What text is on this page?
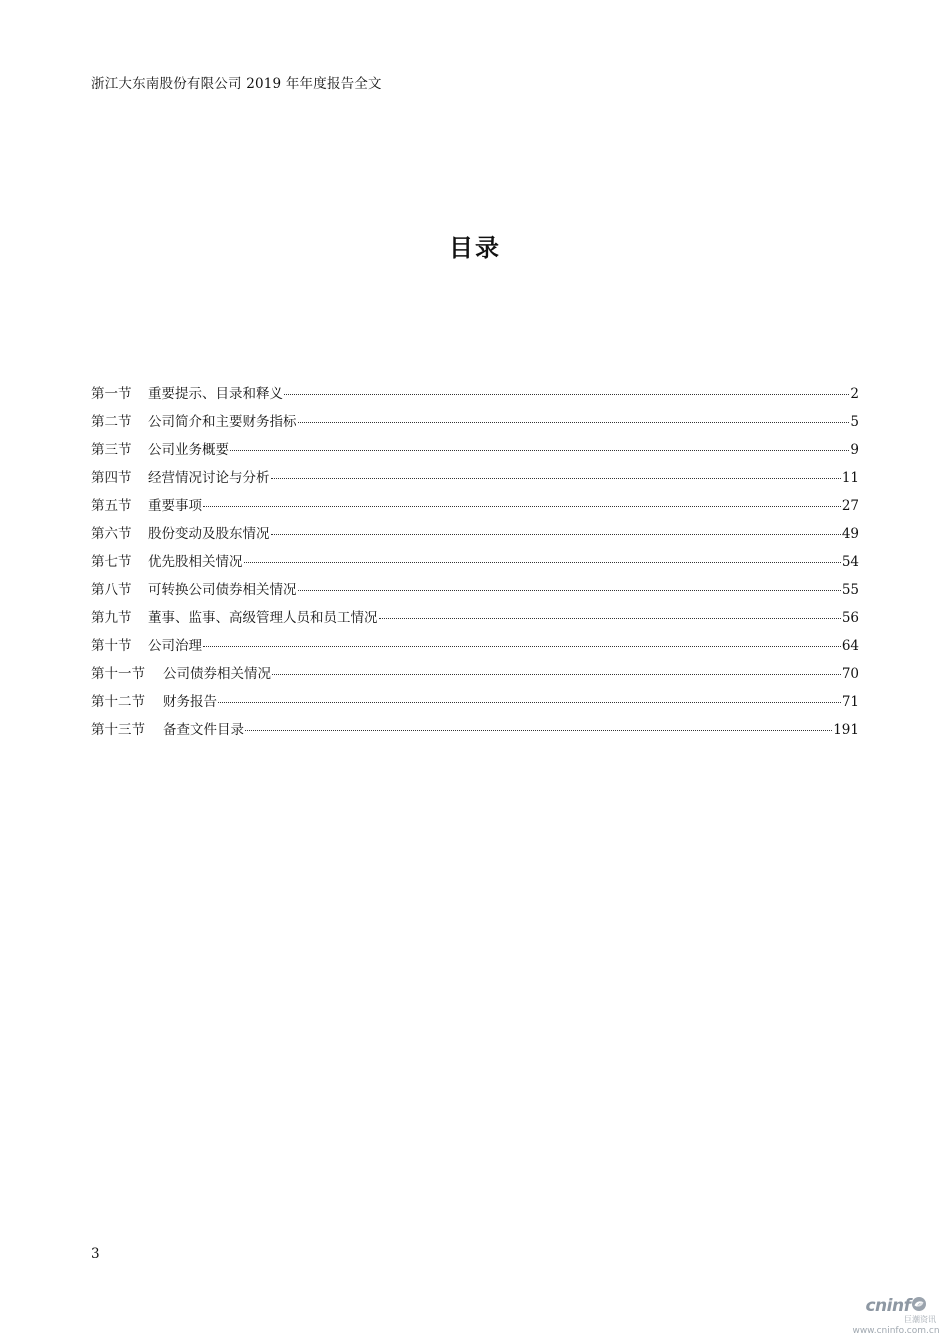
浙江大东南股份有限公司 2019 年年度报告全文
目录
第一节	重要提示、目录和释义	2
第二节	公司简介和主要财务指标	5
第三节	公司业务概要	9
第四节	经营情况讨论与分析	11
第五节	重要事项	27
第六节	股份变动及股东情况	49
第七节	优先股相关情况	54
第八节	可转换公司债券相关情况	55
第九节	董事、监事、高级管理人员和员工情况	56
第十节	公司治理	64
第十一节	公司债券相关情况	70
第十二节	财务报告	71
第十三节	备查文件目录	191
3
cninf
巨潮资讯
www.cninfo.com.cn
